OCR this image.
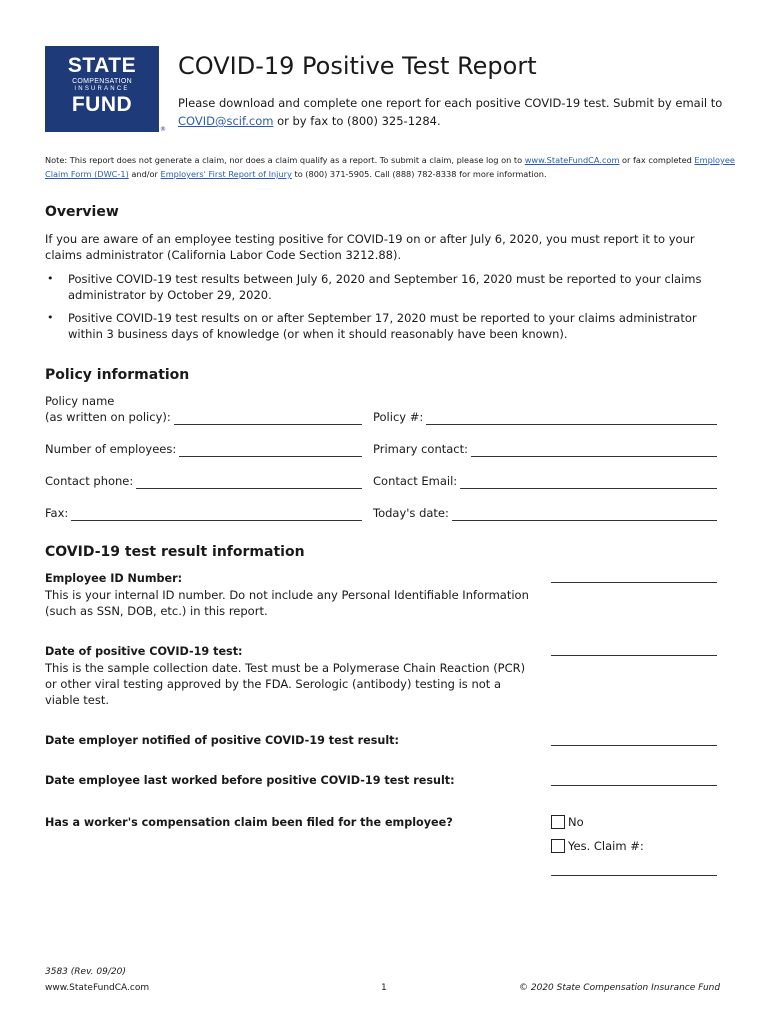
STATE
COMPENSATION
INSURANCE
FUND
®
COVID-19 Positive Test Report
Please download and complete one report for each positive COVID-19 test. Submit by email to
COVID@scif.com or by fax to (800) 325-1284.
Note: This report does not generate a claim, nor does a claim qualify as a report. To submit a claim, please log on to www.StateFundCA.com or fax completed Employee Claim Form (DWC-1) and/or Employers' First Report of Injury to (800) 371-5905. Call (888) 782-8338 for more information.
Overview
If you are aware of an employee testing positive for COVID-19 on or after July 6, 2020, you must report it to your claims administrator (California Labor Code Section 3212.88).
• Positive COVID-19 test results between July 6, 2020 and September 16, 2020 must be reported to your claims administrator by October 29, 2020.
• Positive COVID-19 test results on or after September 17, 2020 must be reported to your claims administrator within 3 business days of knowledge (or when it should reasonably have been known).
Policy information
Policy name
(as written on policy):	Policy #:
Number of employees:	Primary contact:
Contact phone:	Contact Email:
Fax:	Today's date:
COVID-19 test result information
Employee ID Number:
This is your internal ID number. Do not include any Personal Identifiable Information (such as SSN, DOB, etc.) in this report.
Date of positive COVID-19 test:
This is the sample collection date. Test must be a Polymerase Chain Reaction (PCR) or other viral testing approved by the FDA. Serologic (antibody) testing is not a viable test.
Date employer notified of positive COVID-19 test result:
Date employee last worked before positive COVID-19 test result:
Has a worker's compensation claim been filed for the employee?	No
Yes. Claim #:
3583 (Rev. 09/20)
www.StateFundCA.com	1	© 2020 State Compensation Insurance Fund
